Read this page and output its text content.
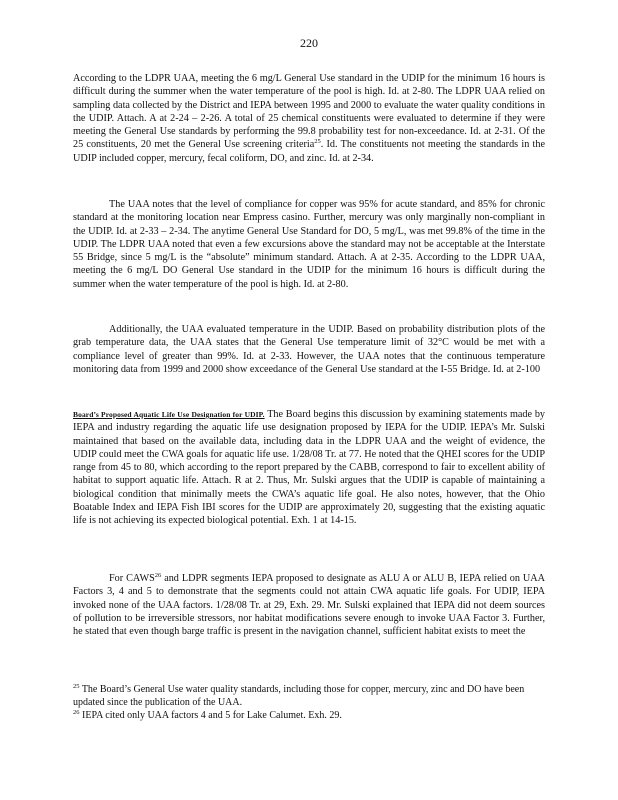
220

According to the LDPR UAA, meeting the 6 mg/L General Use standard in the UDIP for the minimum 16 hours is difficult during the summer when the water temperature of the pool is high. Id. at 2-80. The LDPR UAA relied on sampling data collected by the District and IEPA between 1995 and 2000 to evaluate the water quality conditions in the UDIP. Attach. A at 2-24 – 2-26. A total of 25 chemical constituents were evaluated to determine if they were meeting the General Use standards by performing the 99.8 probability test for non-exceedance. Id. at 2-31. Of the 25 constituents, 20 met the General Use screening criteria$^{25}$. Id. The constituents not meeting the standards in the UDIP included copper, mercury, fecal coliform, DO, and zinc. Id. at 2-34.

The UAA notes that the level of compliance for copper was 95% for acute standard, and 85% for chronic standard at the monitoring location near Empress casino. Further, mercury was only marginally non-compliant in the UDIP. Id. at 2-33 – 2-34. The anytime General Use Standard for DO, 5 mg/L, was met 99.8% of the time in the UDIP. The LDPR UAA noted that even a few excursions above the standard may not be acceptable at the Interstate 55 Bridge, since 5 mg/L is the “absolute” minimum standard. Attach. A at 2-35. According to the LDPR UAA, meeting the 6 mg/L DO General Use standard in the UDIP for the minimum 16 hours is difficult during the summer when the water temperature of the pool is high. Id. at 2-80.

Additionally, the UAA evaluated temperature in the UDIP. Based on probability distribution plots of the grab temperature data, the UAA states that the General Use temperature limit of 32°C would be met with a compliance level of greater than 99%. Id. at 2-33. However, the UAA notes that the continuous temperature monitoring data from 1999 and 2000 show exceedance of the General Use standard at the I-55 Bridge. Id. at 2-100

Board’s Proposed Aquatic Life Use Designation for UDIP. The Board begins this discussion by examining statements made by IEPA and industry regarding the aquatic life use designation proposed by IEPA for the UDIP. IEPA’s Mr. Sulski maintained that based on the available data, including data in the LDPR UAA and the weight of evidence, the UDIP could meet the CWA goals for aquatic life use. 1/28/08 Tr. at 77. He noted that the QHEI scores for the UDIP range from 45 to 80, which according to the report prepared by the CABB, correspond to fair to excellent ability of habitat to support aquatic life. Attach. R at 2. Thus, Mr. Sulski argues that the UDIP is capable of maintaining a biological condition that minimally meets the CWA’s aquatic life goal. He also notes, however, that the Ohio Boatable Index and IEPA Fish IBI scores for the UDIP are approximately 20, suggesting that the existing aquatic life is not achieving its expected biological potential. Exh. 1 at 14-15.

For CAWS$^{26}$ and LDPR segments IEPA proposed to designate as ALU A or ALU B, IEPA relied on UAA Factors 3, 4 and 5 to demonstrate that the segments could not attain CWA aquatic life goals. For UDIP, IEPA invoked none of the UAA factors. 1/28/08 Tr. at 29, Exh. 29. Mr. Sulski explained that IEPA did not deem sources of pollution to be irreversible stressors, nor habitat modifications severe enough to invoke UAA Factor 3. Further, he stated that even though barge traffic is present in the navigation channel, sufficient habitat exists to meet the

$^{25}$ The Board’s General Use water quality standards, including those for copper, mercury, zinc and DO have been updated since the publication of the UAA.
$^{26}$ IEPA cited only UAA factors 4 and 5 for Lake Calumet. Exh. 29.
